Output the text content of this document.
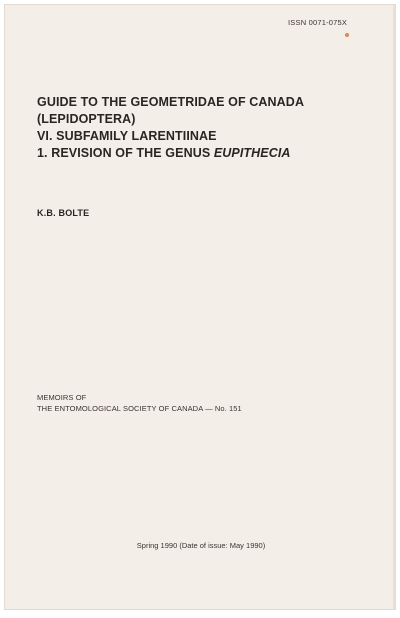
ISSN 0071-075X
GUIDE TO THE GEOMETRIDAE OF CANADA
(LEPIDOPTERA)
VI. SUBFAMILY LARENTIINAE
1. REVISION OF THE GENUS EUPITHECIA
K.B. BOLTE
MEMOIRS OF
THE ENTOMOLOGICAL SOCIETY OF CANADA — No. 151
Spring 1990 (Date of issue: May 1990)
